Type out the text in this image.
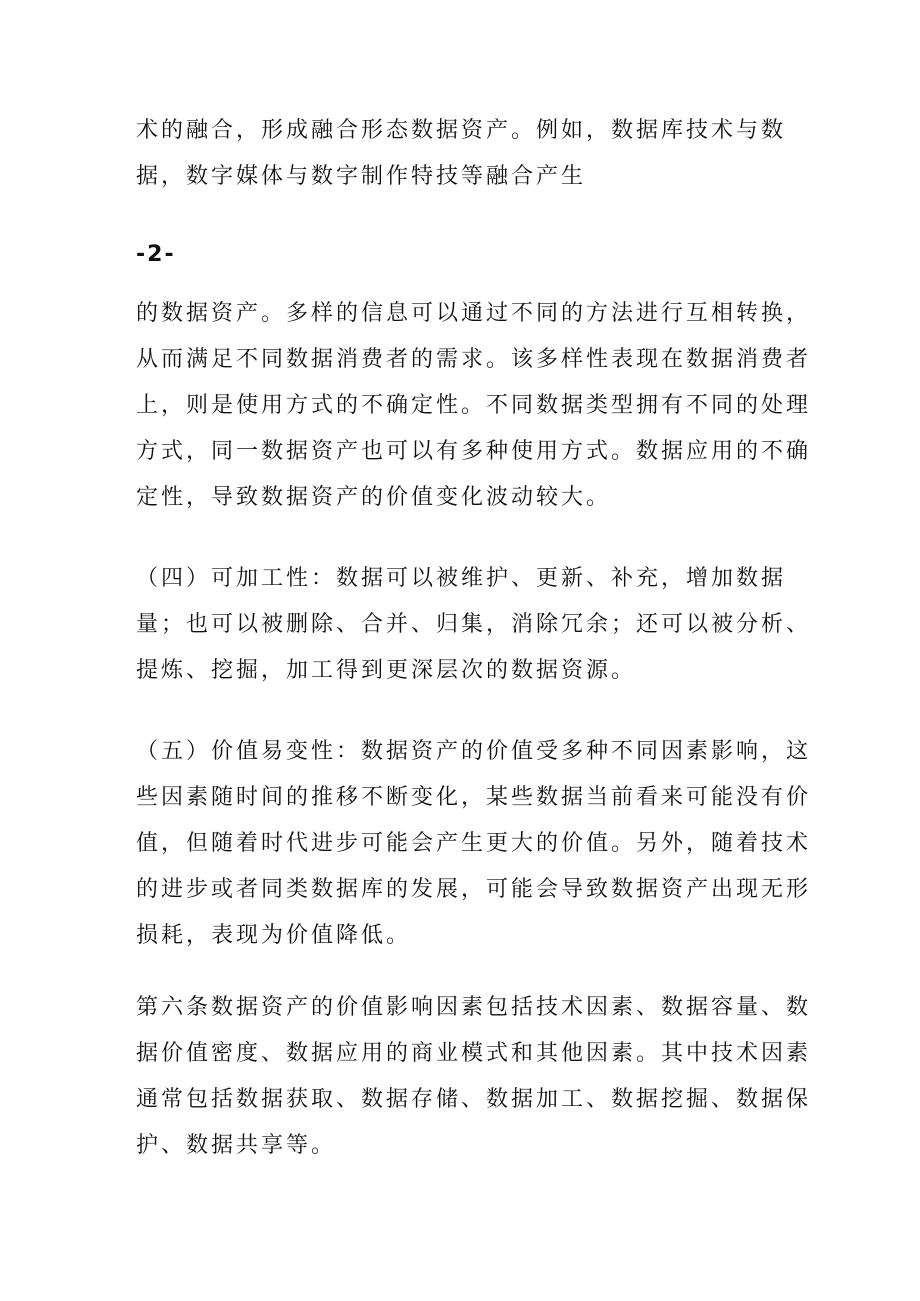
术的融合，形成融合形态数据资产。例如，数据库技术与数
据，数字媒体与数字制作特技等融合产生
-2-
的数据资产。多样的信息可以通过不同的方法进行互相转换，
从而满足不同数据消费者的需求。该多样性表现在数据消费者
上，则是使用方式的不确定性。不同数据类型拥有不同的处理
方式，同一数据资产也可以有多种使用方式。数据应用的不确
定性，导致数据资产的价值变化波动较大。
（四）可加工性：数据可以被维护、更新、补充，增加数据
量；也可以被删除、合并、归集，消除冗余；还可以被分析、
提炼、挖掘，加工得到更深层次的数据资源。
（五）价值易变性：数据资产的价值受多种不同因素影响，这
些因素随时间的推移不断变化，某些数据当前看来可能没有价
值，但随着时代进步可能会产生更大的价值。另外，随着技术
的进步或者同类数据库的发展，可能会导致数据资产出现无形
损耗，表现为价值降低。
第六条数据资产的价值影响因素包括技术因素、数据容量、数
据价值密度、数据应用的商业模式和其他因素。其中技术因素
通常包括数据获取、数据存储、数据加工、数据挖掘、数据保
护、数据共享等。
